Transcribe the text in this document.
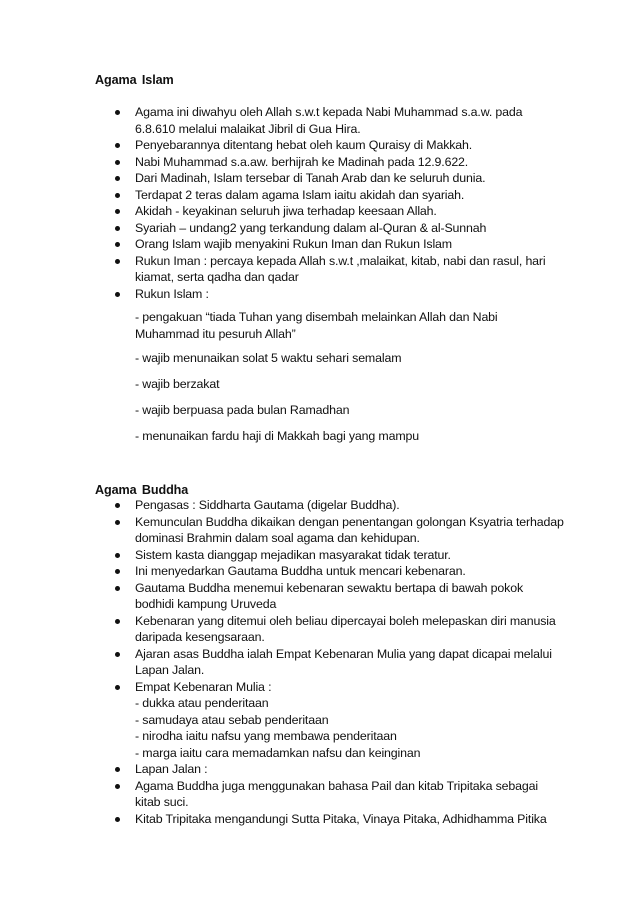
Agama Islam
Agama ini diwahyu oleh Allah s.w.t kepada Nabi Muhammad s.a.w. pada 6.8.610 melalui malaikat Jibril di Gua Hira.
Penyebarannya ditentang hebat oleh kaum Quraisy di Makkah.
Nabi Muhammad s.a.aw. berhijrah ke Madinah pada 12.9.622.
Dari Madinah, Islam tersebar di Tanah Arab dan ke seluruh dunia.
Terdapat 2 teras dalam agama Islam iaitu akidah dan syariah.
Akidah - keyakinan seluruh jiwa terhadap keesaan Allah.
Syariah – undang2 yang terkandung dalam al-Quran & al-Sunnah
Orang Islam wajib menyakini Rukun Iman dan Rukun Islam
Rukun Iman : percaya kepada Allah s.w.t ,malaikat, kitab, nabi dan rasul, hari kiamat, serta qadha dan qadar
Rukun Islam :
- pengakuan “tiada Tuhan yang disembah melainkan Allah dan Nabi Muhammad itu pesuruh Allah”
- wajib menunaikan solat 5 waktu sehari semalam
- wajib berzakat
- wajib berpuasa pada bulan Ramadhan
- menunaikan fardu haji di Makkah bagi yang mampu
Agama Buddha
Pengasas : Siddharta Gautama (digelar Buddha).
Kemunculan Buddha dikaikan dengan penentangan golongan Ksyatria terhadap dominasi Brahmin dalam soal agama dan kehidupan.
Sistem kasta dianggap mejadikan masyarakat tidak teratur.
Ini menyedarkan Gautama Buddha untuk mencari kebenaran.
Gautama Buddha menemui kebenaran sewaktu bertapa di bawah pokok bodhidi kampung Uruveda
Kebenaran yang ditemui oleh beliau dipercayai boleh melepaskan diri manusia daripada kesengsaraan.
Ajaran asas Buddha ialah Empat Kebenaran Mulia yang dapat dicapai melalui Lapan Jalan.
Empat Kebenaran Mulia :
- dukka atau penderitaan
- samudaya atau sebab penderitaan
- nirodha iaitu nafsu yang membawa penderitaan
- marga iaitu cara memadamkan nafsu dan keinginan
Lapan Jalan :
Agama Buddha juga menggunakan bahasa Pail dan kitab Tripitaka sebagai kitab suci.
Kitab Tripitaka mengandungi Sutta Pitaka, Vinaya Pitaka, Adhidhamma Pitika
